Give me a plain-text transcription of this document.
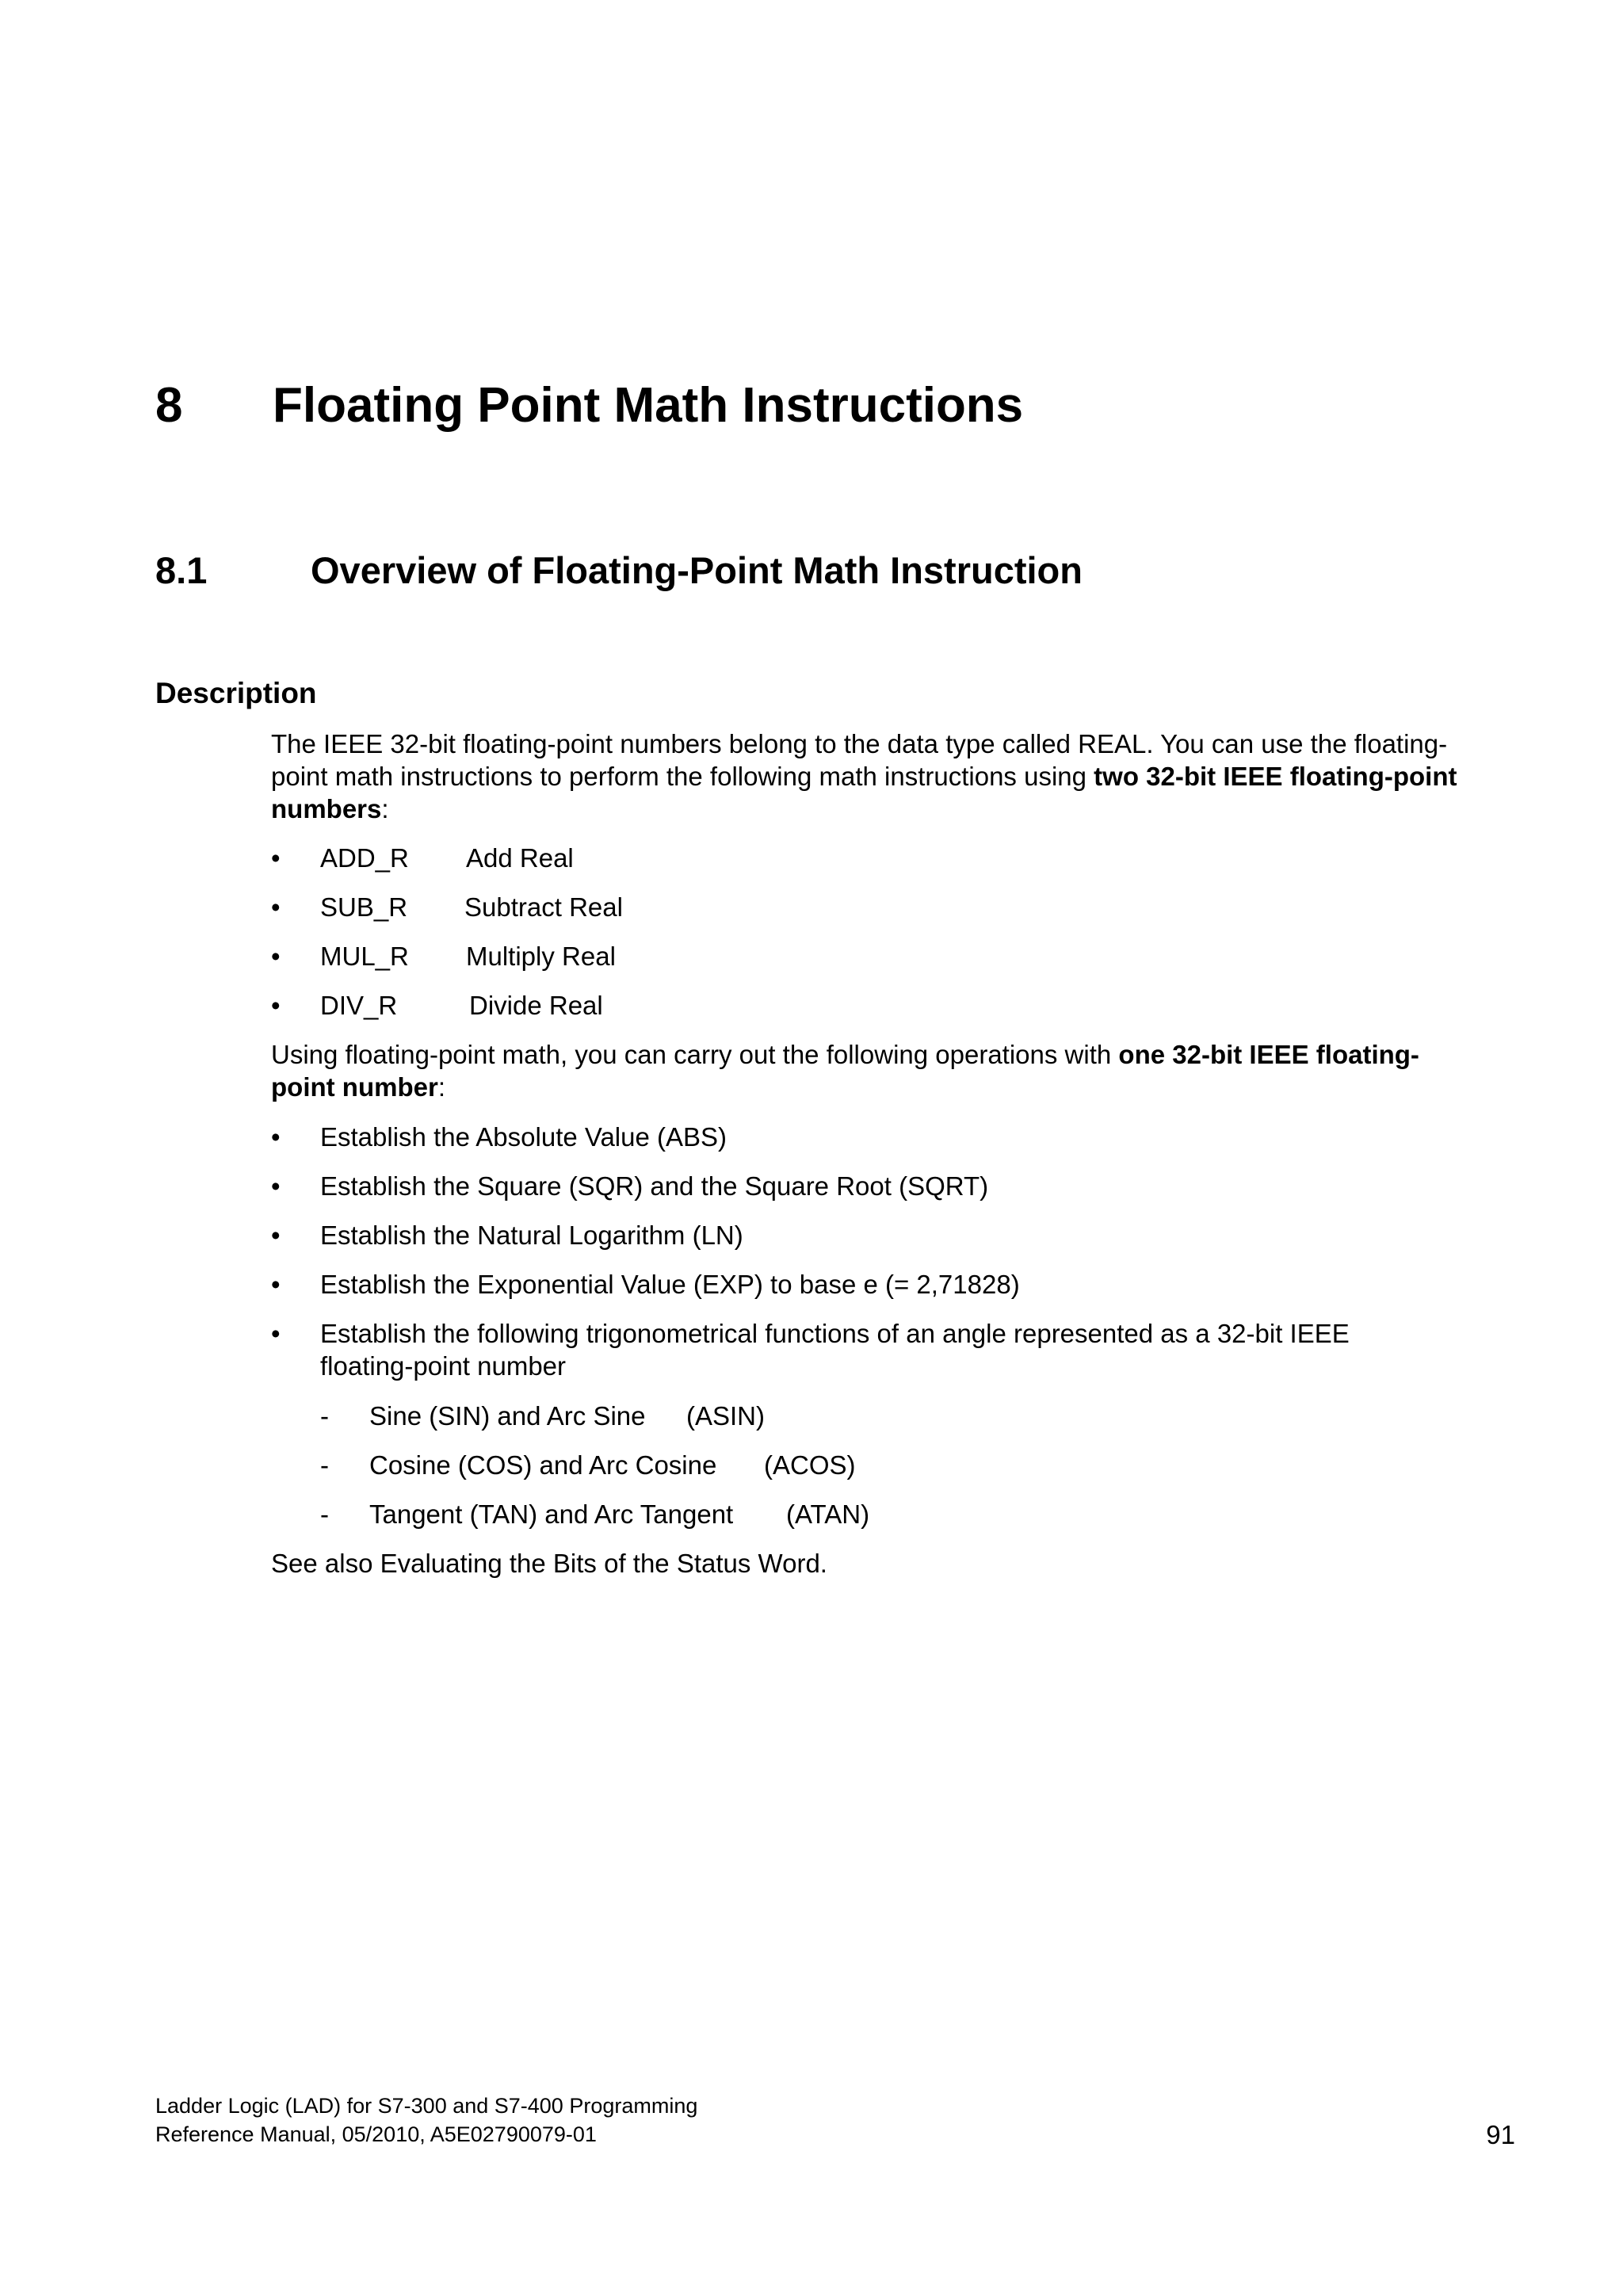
8 Floating Point Math Instructions
8.1	Overview of Floating-Point Math Instruction
Description
The IEEE 32-bit floating-point numbers belong to the data type called REAL. You can use the floating-point math instructions to perform the following math instructions using two 32-bit IEEE floating-point numbers:
•	ADD_R Add Real
•	SUB_R Subtract Real
•	MUL_R Multiply Real
•	DIV_R	Divide Real
Using floating-point math, you can carry out the following operations with one 32-bit IEEE floating-point number:
•	Establish the Absolute Value (ABS)
•	Establish the Square (SQR) and the Square Root (SQRT)
•	Establish the Natural Logarithm (LN)
•	Establish the Exponential Value (EXP) to base e (= 2,71828)
•	Establish the following trigonometrical functions of an angle represented as a 32-bit IEEE floating-point number
- Sine (SIN) and Arc Sine (ASIN)
- Cosine (COS) and Arc Cosine (ACOS)
- Tangent (TAN) and Arc Tangent (ATAN)
See also Evaluating the Bits of the Status Word.
Ladder Logic (LAD) for S7-300 and S7-400 Programming
Reference Manual, 05/2010, A5E02790079-01	91
